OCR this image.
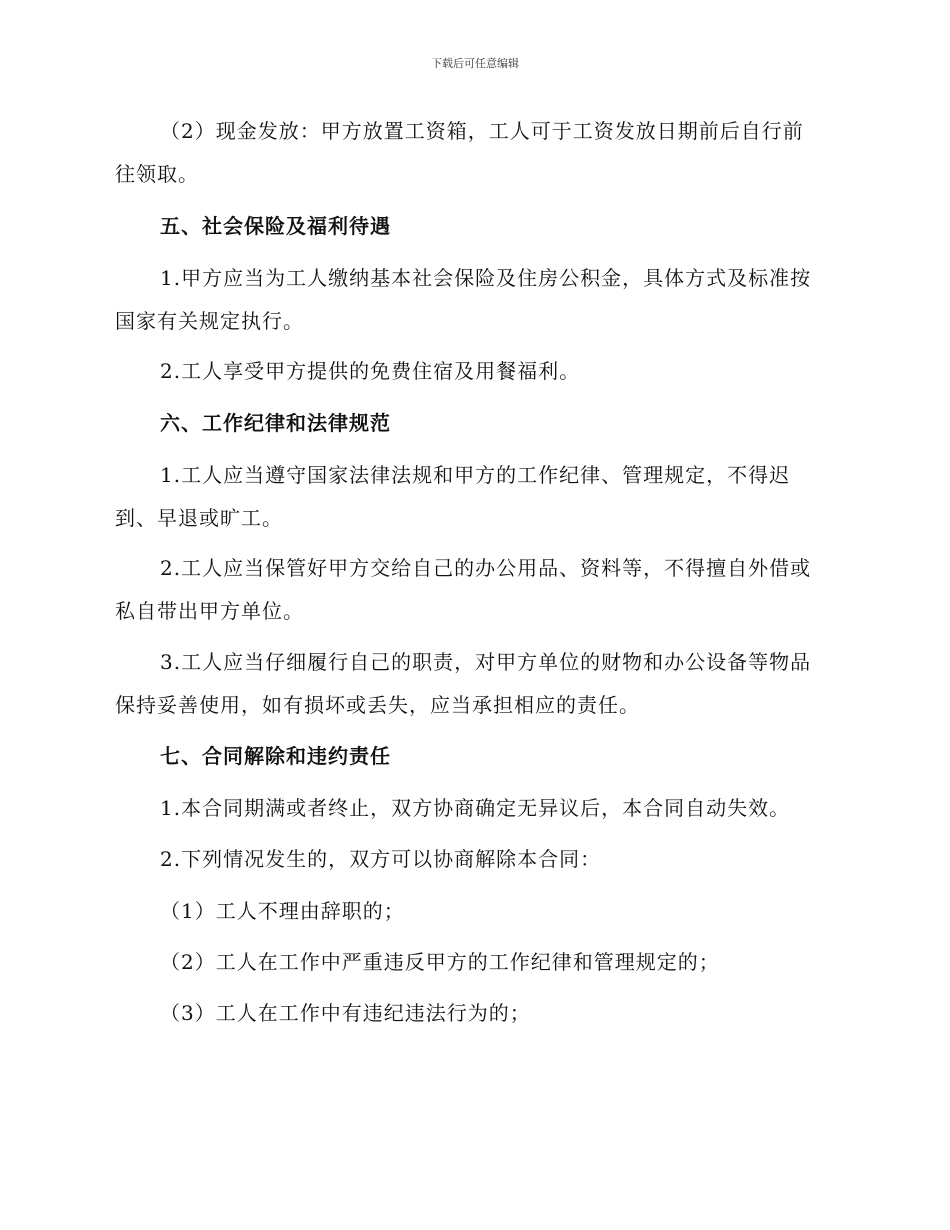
下载后可任意编辑
（2）现金发放：甲方放置工资箱，工人可于工资发放日期前后自行前
往领取。
五、社会保险及福利待遇
1.甲方应当为工人缴纳基本社会保险及住房公积金，具体方式及标准按
国家有关规定执行。
2.工人享受甲方提供的免费住宿及用餐福利。
六、工作纪律和法律规范
1.工人应当遵守国家法律法规和甲方的工作纪律、管理规定，不得迟
到、早退或旷工。
2.工人应当保管好甲方交给自己的办公用品、资料等，不得擅自外借或
私自带出甲方单位。
3.工人应当仔细履行自己的职责，对甲方单位的财物和办公设备等物品
保持妥善使用，如有损坏或丢失，应当承担相应的责任。
七、合同解除和违约责任
1.本合同期满或者终止，双方协商确定无异议后，本合同自动失效。
2.下列情况发生的，双方可以协商解除本合同：
（1）工人不理由辞职的；
（2）工人在工作中严重违反甲方的工作纪律和管理规定的；
（3）工人在工作中有违纪违法行为的；
